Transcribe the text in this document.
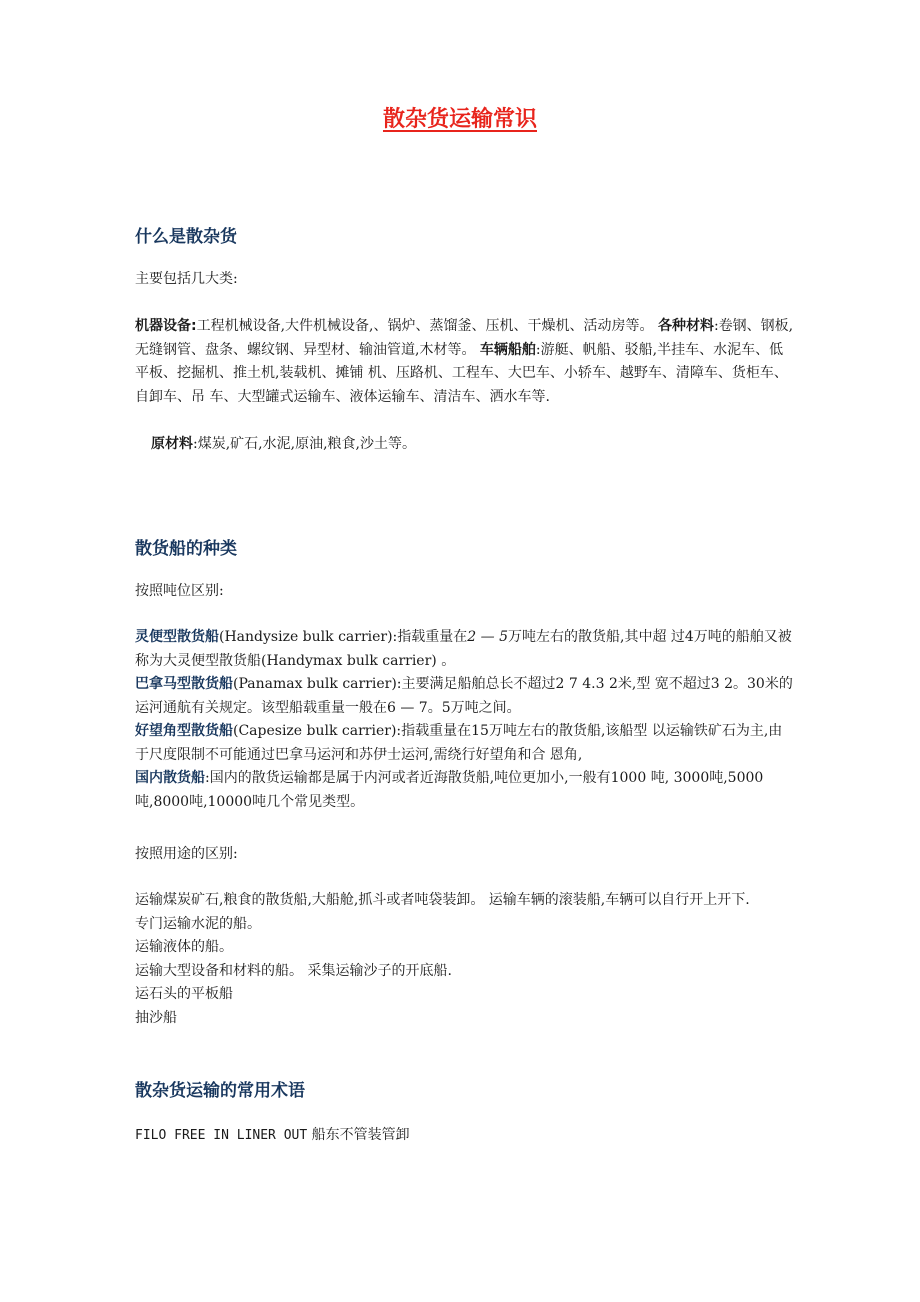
散杂货运输常识
什么是散杂货

主要包括几大类:

机器设备:工程机械设备,大件机械设备,、锅炉、蒸馏釜、压机、干燥机、活动房等。 各种材料:卷钢、钢板,无缝钢管、盘条、螺纹钢、异型材、输油管道,木材等。 车辆船舶:游艇、帆船、驳船,半挂车、水泥车、低平板、挖掘机、推土机,装载机、摊铺 机、压路机、工程车、大巴车、小轿车、越野车、清障车、货柜车、自卸车、吊 车、大型罐式运输车、液体运输车、清洁车、洒水车等.

原材料:煤炭,矿石,水泥,原油,粮食,沙土等。

散货船的种类

按照吨位区别:

灵便型散货船(Handysize bulk carrier):指载重量在2 — 5万吨左右的散货船,其中超 过4万吨的船舶又被称为大灵便型散货船(Handymax bulk carrier) 。
巴拿马型散货船(Panamax bulk carrier):主要满足船舶总长不超过2 7 4.3 2米,型 宽不超过3 2。30米的运河通航有关规定。该型船载重量一般在6 — 7。5万吨之间。
好望角型散货船(Capesize bulk carrier):指载重量在15万吨左右的散货船,该船型 以运输铁矿石为主,由于尺度限制不可能通过巴拿马运河和苏伊士运河,需绕行好望角和合 恩角,
国内散货船:国内的散货运输都是属于内河或者近海散货船,吨位更加小,一般有1000 吨, 3000吨,5000吨,8000吨,10000吨几个常见类型。

按照用途的区别:

运输煤炭矿石,粮食的散货船,大船舱,抓斗或者吨袋装卸。 运输车辆的滚装船,车辆可以自行开上开下.
专门运输水泥的船。
运输液体的船。
运输大型设备和材料的船。 采集运输沙子的开底船.
运石头的平板船
抽沙船

散杂货运输的常用术语

FILO FREE IN LINER OUT 船东不管装管卸
